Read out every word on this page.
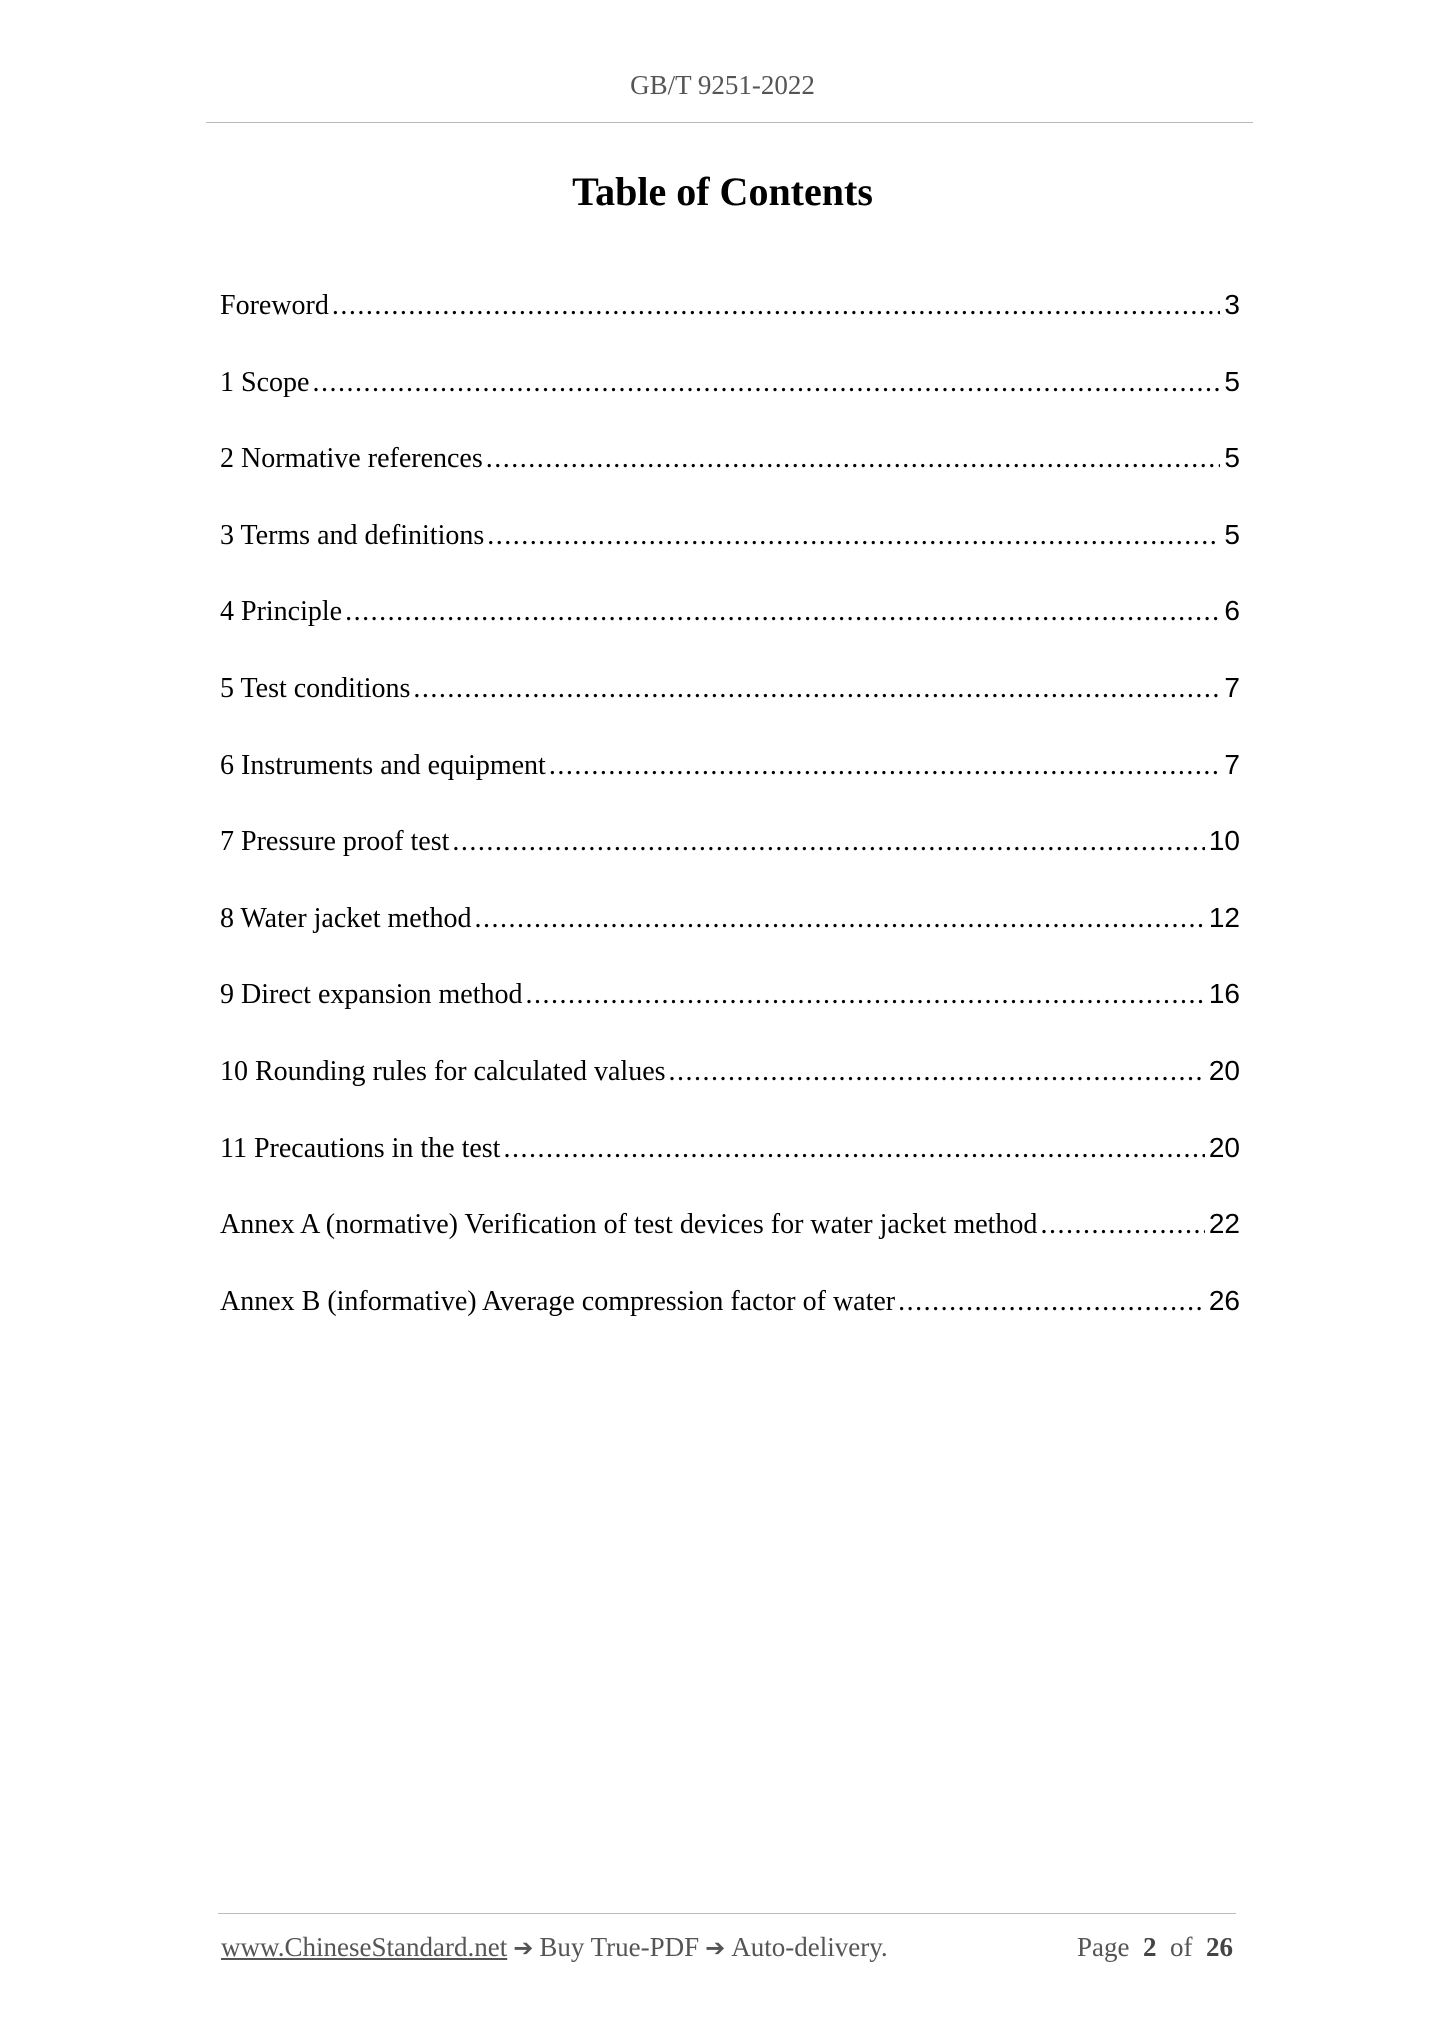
GB/T 9251-2022
Table of Contents
Foreword .....	3
1 Scope .....	5
2 Normative references .....	5
3 Terms and definitions .....	5
4 Principle .....	6
5 Test conditions .....	7
6 Instruments and equipment .....	7
7 Pressure proof test .....	10
8 Water jacket method .....	12
9 Direct expansion method .....	16
10 Rounding rules for calculated values .....	20
11 Precautions in the test .....	20
Annex A (normative) Verification of test devices for water jacket method .....	22
Annex B (informative) Average compression factor of water .....	26
www.ChineseStandard.net ➔ Buy True-PDF ➔ Auto-delivery.	Page 2 of 26
